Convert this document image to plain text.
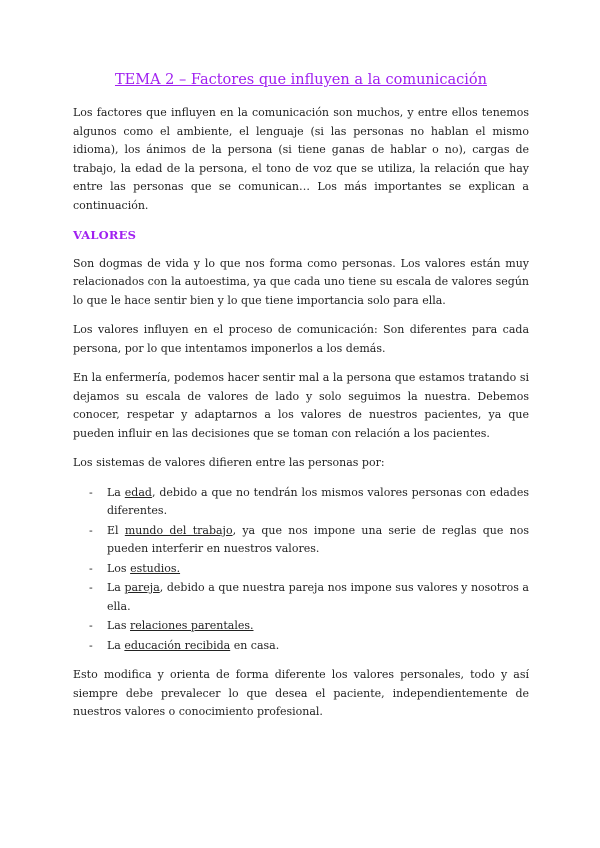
TEMA 2 – Factores que influyen a la comunicación

Los factores que influyen en la comunicación son muchos, y entre ellos tenemos algunos como el ambiente, el lenguaje (si las personas no hablan el mismo idioma), los ánimos de la persona (si tiene ganas de hablar o no), cargas de trabajo, la edad de la persona, el tono de voz que se utiliza, la relación que hay entre las personas que se comunican… Los más importantes se explican a continuación.

VALORES

Son dogmas de vida y lo que nos forma como personas. Los valores están muy relacionados con la autoestima, ya que cada uno tiene su escala de valores según lo que le hace sentir bien y lo que tiene importancia solo para ella.

Los valores influyen en el proceso de comunicación: Son diferentes para cada persona, por lo que intentamos imponerlos a los demás.

En la enfermería, podemos hacer sentir mal a la persona que estamos tratando si dejamos su escala de valores de lado y solo seguimos la nuestra. Debemos conocer, respetar y adaptarnos a los valores de nuestros pacientes, ya que pueden influir en las decisiones que se toman con relación a los pacientes.

Los sistemas de valores difieren entre las personas por:

- La edad, debido a que no tendrán los mismos valores personas con edades diferentes.
- El mundo del trabajo, ya que nos impone una serie de reglas que nos pueden interferir en nuestros valores.
- Los estudios.
- La pareja, debido a que nuestra pareja nos impone sus valores y nosotros a ella.
- Las relaciones parentales.
- La educación recibida en casa.

Esto modifica y orienta de forma diferente los valores personales, todo y así siempre debe prevalecer lo que desea el paciente, independientemente de nuestros valores o conocimiento profesional.
